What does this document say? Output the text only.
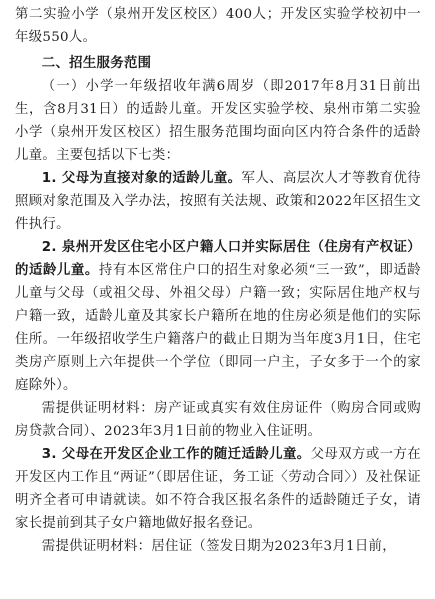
第二实验小学（泉州开发区校区）400人；开发区实验学校初中一年级550人。

二、招生服务范围

（一）小学一年级招收年满6周岁（即2017年8月31日前出生，含8月31日）的适龄儿童。开发区实验学校、泉州市第二实验小学（泉州开发区校区）招生服务范围均面向区内符合条件的适龄儿童。主要包括以下七类：

1. 父母为直接对象的适龄儿童。军人、高层次人才等教育优待照顾对象范围及入学办法，按照有关法规、政策和2022年区招生文件执行。

2. 泉州开发区住宅小区户籍人口并实际居住（住房有产权证）的适龄儿童。持有本区常住户口的招生对象必须“三一致”，即适龄儿童与父母（或祖父母、外祖父母）户籍一致；实际居住地产权与户籍一致，适龄儿童及其家长户籍所在地的住房必须是他们的实际住所。一年级招收学生户籍落户的截止日期为当年度3月1日，住宅类房产原则上六年提供一个学位（即同一户主，子女多于一个的家庭除外）。

需提供证明材料：房产证或真实有效住房证件（购房合同或购房贷款合同）、2023年3月1日前的物业入住证明。

3. 父母在开发区企业工作的随迁适龄儿童。父母双方或一方在开发区内工作且“两证”（即居住证，务工证〈劳动合同〉）及社保证明齐全者可申请就读。如不符合我区报名条件的适龄随迁子女，请家长提前到其子女户籍地做好报名登记。

需提供证明材料：居住证（签发日期为2023年3月1日前，
